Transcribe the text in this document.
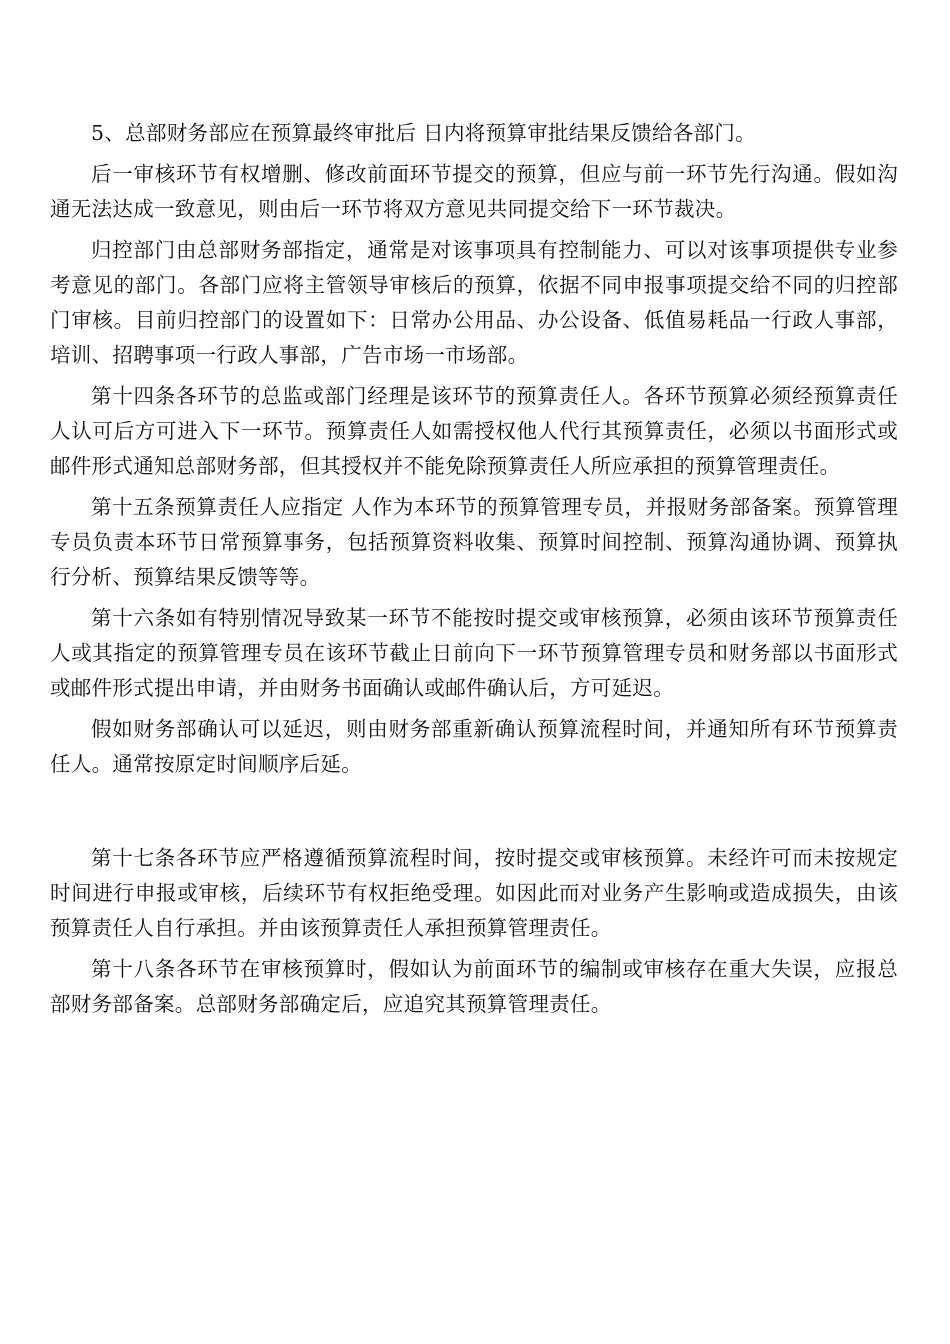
5、总部财务部应在预算最终审批后 日内将预算审批结果反馈给各部门。

后一审核环节有权增删、修改前面环节提交的预算，但应与前一环节先行沟通。假如沟通无法达成一致意见，则由后一环节将双方意见共同提交给下一环节裁决。

归控部门由总部财务部指定，通常是对该事项具有控制能力、可以对该事项提供专业参考意见的部门。各部门应将主管领导审核后的预算，依据不同申报事项提交给不同的归控部门审核。目前归控部门的设置如下：日常办公用品、办公设备、低值易耗品一行政人事部，培训、招聘事项一行政人事部，广告市场一市场部。

第十四条各环节的总监或部门经理是该环节的预算责任人。各环节预算必须经预算责任人认可后方可进入下一环节。预算责任人如需授权他人代行其预算责任，必须以书面形式或邮件形式通知总部财务部，但其授权并不能免除预算责任人所应承担的预算管理责任。

第十五条预算责任人应指定 人作为本环节的预算管理专员，并报财务部备案。预算管理专员负责本环节日常预算事务，包括预算资料收集、预算时间控制、预算沟通协调、预算执行分析、预算结果反馈等等。

第十六条如有特别情况导致某一环节不能按时提交或审核预算，必须由该环节预算责任人或其指定的预算管理专员在该环节截止日前向下一环节预算管理专员和财务部以书面形式或邮件形式提出申请，并由财务书面确认或邮件确认后，方可延迟。

假如财务部确认可以延迟，则由财务部重新确认预算流程时间，并通知所有环节预算责任人。通常按原定时间顺序后延。

第十七条各环节应严格遵循预算流程时间，按时提交或审核预算。未经许可而未按规定时间进行申报或审核，后续环节有权拒绝受理。如因此而对业务产生影响或造成损失，由该预算责任人自行承担。并由该预算责任人承担预算管理责任。

第十八条各环节在审核预算时，假如认为前面环节的编制或审核存在重大失误，应报总部财务部备案。总部财务部确定后，应追究其预算管理责任。
